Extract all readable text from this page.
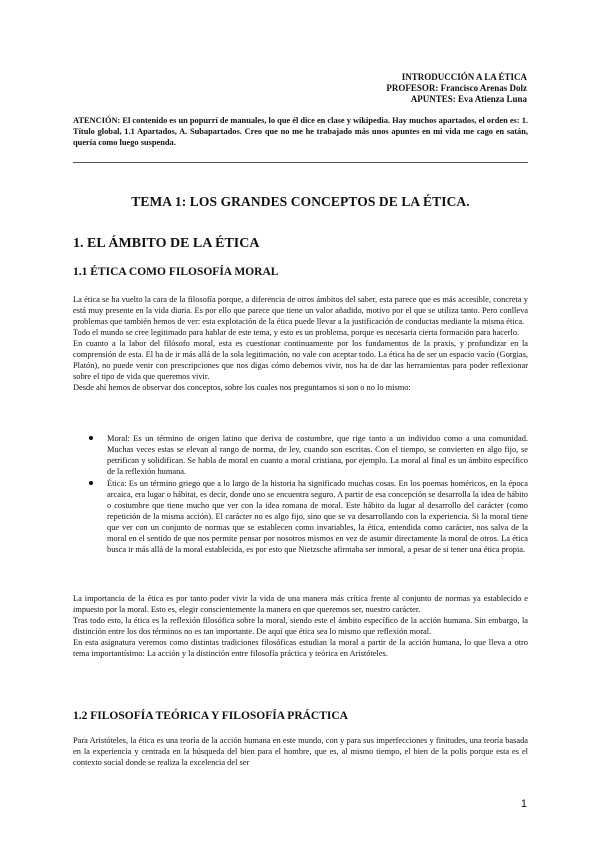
INTRODUCCIÓN A LA ÉTICA
PROFESOR: Francisco Arenas Dolz
APUNTES: Eva Atienza Luna
ATENCIÓN: El contenido es un popurrí de manuales, lo que él dice en clase y wikipedia. Hay muchos apartados, el orden es: 1. Título global, 1.1 Apartados, A. Subapartados. Creo que no me he trabajado más unos apuntes en mi vida me cago en satán, quería como luego suspenda.
TEMA 1: LOS GRANDES CONCEPTOS DE LA ÉTICA.
1. EL ÁMBITO DE LA ÉTICA
1.1 ÉTICA COMO FILOSOFÍA MORAL

La ética se ha vuelto la cara de la filosofía porque, a diferencia de otros ámbitos del saber, esta parece que es más accesible, concreta y está muy presente en la vida diaria. Es por ello que parece que tiene un valor añadido, motivo por el que se utiliza tanto. Pero conlleva problemas que también hemos de ver: esta explotación de la ética puede llevar a la justificación de conductas mediante la misma ética.

Todo el mundo se cree legitimado para hablar de este tema, y esto es un problema, porque es necesaria cierta formación para hacerlo.

En cuanto a la labor del filósofo moral, esta es cuestionar continuamente por los fundamentos de la praxis, y profundizar en la comprensión de esta. El ha de ir más allá de la sola legitimación, no vale con aceptar todo. La ética ha de ser un espacio vacío (Gorgias, Platón), no puede venir con prescripciones que nos digas cómo debemos vivir, nos ha de dar las herramientas para poder reflexionar sobre el tipo de vida que queremos vivir.

Desde ahí hemos de observar dos conceptos, sobre los cuales nos preguntamos si son o no lo mismo:

Moral: Es un término de origen latino que deriva de costumbre, que rige tanto a un individuo como a una comunidad. Muchas veces estas se elevan al rango de norma, de ley, cuando son escritas. Con el tiempo, se convierten en algo fijo, se petrifican y solidifican. Se habla de moral en cuanto a moral cristiana, por ejemplo. La moral al final es un ámbito específico de la reflexión humana.
Ética: Es un término griego que a lo largo de la historia ha significado muchas cosas. En los poemas homéricos, en la época arcaica, era lugar o hábitat, es decir, donde uno se encuentra seguro. A partir de esa concepción se desarrolla la idea de hábito o costumbre que tiene mucho que ver con la idea romana de moral. Este hábito da lugar al desarrollo del carácter (como repetición de la misma acción). El carácter no es algo fijo, sino que se va desarrollando con la experiencia. Si la moral tiene que ver con un conjunto de normas que se establecen como invariables, la ética, entendida como carácter, nos salva de la moral en el sentido de que nos permite pensar por nosotros mismos en vez de asumir directamente la moral de otros. La ética busca ir más allá de la moral establecida, es por esto que Nietzsche afirmaba ser inmoral, a pesar de si tener una ética propia.

La importancia de la ética es por tanto poder vivir la vida de una manera más crítica frente al conjunto de normas ya establecido e impuesto por la moral. Esto es, elegir conscientemente la manera en que queremos ser, nuestro carácter.

Tras todo esto, la ética es la reflexión filosófica sobre la moral, siendo este el ámbito específico de la acción humana. Sin embargo, la distinción entre los dos términos no es tan importante. De aquí que ética sea lo mismo que reflexión moral.

En esta asignatura veremos como distintas tradiciones filosóficas estudian la moral a partir de la acción humana, lo que lleva a otro tema importantísimo: La acción y la distinción entre filosofía práctica y teórica en Aristóteles.

1.2 FILOSOFÍA TEÓRICA Y FILOSOFÍA PRÁCTICA

Para Aristóteles, la ética es una teoría de la acción humana en este mundo, con y para sus imperfecciones y finitudes, una teoría basada en la experiencia y centrada en la búsqueda del bien para el hombre, que es, al mismo tiempo, el bien de la polis porque esta es el contexto social donde se realiza la excelencia del ser

1
